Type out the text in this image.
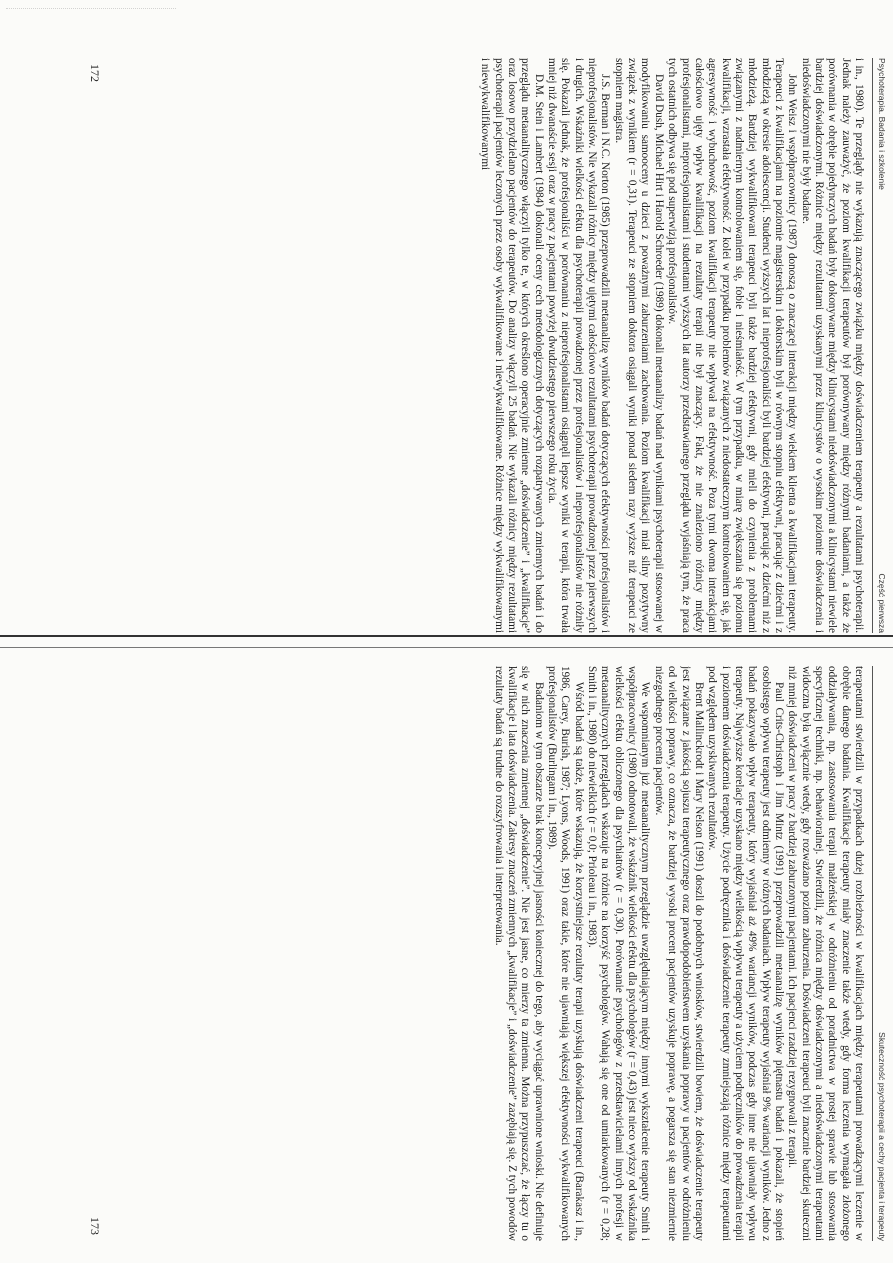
Psychoterapia. Badania i szkolenie
Część pierwsza

i in., 1980). Te przeglądy nie wykazują znaczącego związku między doświadczeniem terapeuty a rezultatami psychoterapii. Jednak należy zauważyć, że poziom kwalifikacji terapeutów był porównywany między różnymi badaniami, a także że porównania w obrębie pojedynczych badań były dokonywane między klinicystami niedoświadczonymi a klinicystami niewiele bardziej doświadczonymi. Różnice między rezultatami uzyskanymi przez klinicystów o wysokim poziomie doświadczenia i niedoświadczonymi nie były badane.

John Weisz i współpracownicy (1987) donoszą o znaczącej interakcji między wiekiem klienta a kwalifikacjami terapeuty. Terapeuci z kwalifikacjami na poziomie magisterskim i doktorskim byli w równym stopniu efektywni, pracując z dziećmi i z młodzieżą w okresie adolescencji. Studenci wyższych lat i nieprofesjonaliści byli bardziej efektywni, pracując z dziećmi niż z młodzieżą. Bardziej wykwalifikowani terapeuci byli także bardziej efektywni, gdy mieli do czynienia z problemami związanymi z nadmiernym kontrolowaniem się, fobie i nieśmiałość. W tym przypadku, w miarę zwiększania się poziomu kwalifikacji, wzrastała efektywność. Z kolei w przypadku problemów związanych z niedostatecznym kontrolowaniem się, jak agresywność i wybuchowość, poziom kwalifikacji terapeuty nie wpływał na efektywność. Poza tymi dwoma interakcjami całościowo ujęty wpływ kwalifikacji na rezultaty terapii nie był znaczący. Fakt, że nie znaleziono różnicy między profesjonalistami, nieprofesjonalistami i studentami wyższych lat autorzy przedstawianego przeglądu wyjaśniają tym, że praca tych ostatnich odbywa się pod superwizją profesjonalistów.

David Dush, Michael Hirt i Harold Schroeder (1989) dokonali metaanalizy badań nad wynikami psychoterapii stosowanej w modyfikowaniu samooceny u dzieci z poważnymi zaburzeniami zachowania. Poziom kwalifikacji miał silny pozytywny związek z wynikiem (r = 0,31). Terapeuci ze stopniem doktora osiągali wyniki ponad siedem razy wyższe niż terapeuci ze stopniem magistra.

J.S. Berman i N.C. Norton (1985) przeprowadzili metaanalizę wyników badań dotyczących efektywności profesjonalistów i nieprofesjonalistów. Nie wykazali różnicy między ujętymi całościowo rezultatami psychoterapii prowadzonej przez pierwszych i drugich. Wskaźniki wielkości efektu dla psychoterapii prowadzonej przez profesjonalistów i nieprofesjonalistów nie różniły się. Pokazali jednak, że profesjonaliści w porównaniu z nieprofesjonalistami osiągnęli lepsze wyniki w terapii, która trwała mniej niż dwanaście sesji oraz w pracy z pacjentami powyżej dwudziestego pierwszego roku życia.

D.M. Stein i Lambert (1984) dokonali oceny cech metodologicznych dotyczących rozpatrywanych zmiennych badań i do przeglądu metaanalitycznego włączyli tylko te, w których określono operacyjnie zmienne „doświadczenie” i „kwalifikacje” oraz losowo przydzielano pacjentów do terapeutów. Do analizy włączyli 25 badań. Nie wykazali różnicy między rezultatami psychoterapii pacjentów leczonych przez osoby wykwalifikowane i niewykwalifikowane. Różnice między wykwalifikowanymi i niewykwalifikowanymi

172
Skuteczność psychoterapii a cechy pacjenta i terapeuty

terapeutami stwierdzili w przypadkach dużej rozbieżności w kwalifikacjach między terapeutami prowadzącymi leczenie w obrębie danego badania. Kwalifikacje terapeuty miały znaczenie także wtedy, gdy forma leczenia wymagała złożonego oddziaływania, np. zastosowania terapii małżeńskiej w odróżnieniu od poradnictwa w prostej sprawie lub stosowania specyficznej techniki, np. behawioralnej. Stwierdzili, że różnica między doświadczonymi a niedoświadczonymi terapeutami widoczna była wyłącznie wtedy, gdy rozważano poziom zaburzenia. Doświadczeni terapeuci byli znacznie bardziej skuteczni niż mniej doświadczeni w pracy z bardziej zaburzonymi pacjentami. Ich pacjenci rzadziej rezygnowali z terapii.

Paul Crits-Christoph i Jim Mintz (1991) przeprowadzili metaanalizę wyników piętnastu badań i pokazali, że stopień osobistego wpływu terapeuty jest odmienny w różnych badaniach. Wpływ terapeuty wyjaśniał 9% wariancji wyników. Jedno z badań pokazywało wpływ terapeuty, który wyjaśniał aż 49% wariancji wyników, podczas gdy inne nie ujawniały wpływu terapeuty. Najwyższe korelacje uzyskano między wielkością wpływu terapeuty a użyciem podręczników do prowadzenia terapii i poziomem doświadczenia terapeuty. Użycie podręcznika i doświadczenie terapeuty zmniejszają różnice między terapeutami pod względem uzyskiwanych rezultatów.

Brent Mallinckrodt i Mary Nelson (1991) doszli do podobnych wniosków, stwierdzili bowiem, że doświadczenie terapeuty jest związane z jakością sojuszu terapeutycznego oraz prawdopodobieństwem uzyskania poprawy u pacjentów w odróżnieniu od wielkości poprawy, co oznacza, że bardziej wysoki procent pacjentów uzyskuje poprawę, a pogarsza się stan niezmiernie niezgodnego procenta pacjentów.

We wspomnianym już metaanalitycznym przeglądzie uwzględniającym między innymi wykształcenie terapeuty Smith i współpracownicy (1980) odnotowali, że wskaźnik wielkości efektu dla psychologów (r = 0,43) jest nieco wyższy od wskaźnika wielkości efektu obliczonego dla psychiatrów (r = 0,30). Porównanie psychologów z przedstawicielami innych profesji w metaanalitycznych przeglądach wskazuje na różnice na korzyść psychologów. Wahają się one od umiarkowanych (r = 0,28; Smith i in., 1980) do niewielkich (r = 0,0; Prioleau i in., 1983).

Wśród badań są także, które wskazują, że korzystniejsze rezultaty terapii uzyskują doświadczeni terapeuci (Barakasz i in., 1986, Carey, Burish, 1987; Lyons, Woods, 1991) oraz takie, które nie ujawniają większej efektywności wykwalifikowanych profesjonalistów (Burlingam i in., 1989).

Badaniom w tym obszarze brak koncepcyjnej jasności koniecznej do tego, aby wyciągać uprawnione wnioski. Nie definiuje się w nich znaczenia zmiennej „doświadczenie”. Nie jest jasne, co mierzy ta zmienna. Można przypuszczać, że łączy tu o kwalifikacje i lata doświadczenia. Zakresy znaczeń zmiennych „kwalifikacje” i „doświadczenie” zazębiają się. Z tych powodów rezultaty badań są trudne do rozszyfrowania i interpretowania.

173
